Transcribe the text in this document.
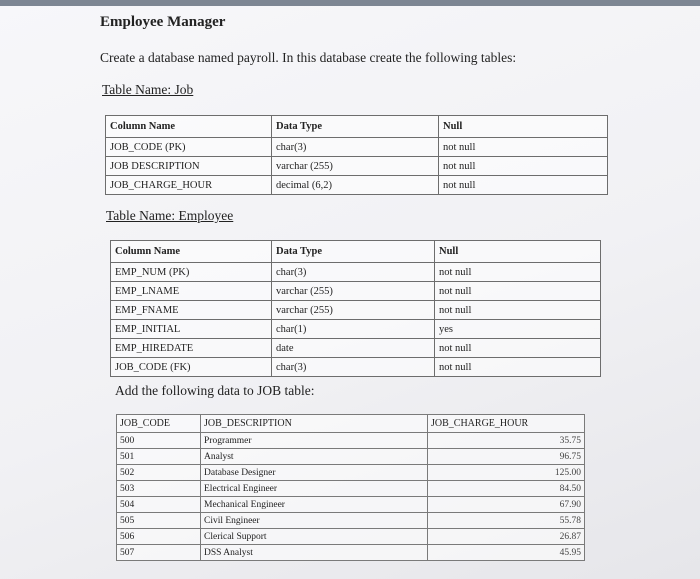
Employee Manager
Create a database named payroll. In this database create the following tables:
Table Name: Job
Column Name	Data Type	Null
JOB_CODE (PK)	char(3)	not null
JOB DESCRIPTION	varchar (255)	not null
JOB_CHARGE_HOUR	decimal (6,2)	not null
Table Name: Employee
Column Name	Data Type	Null
EMP_NUM (PK)	char(3)	not null
EMP_LNAME	varchar (255)	not null
EMP_FNAME	varchar (255)	not null
EMP_INITIAL	char(1)	yes
EMP_HIREDATE	date	not null
JOB_CODE (FK)	char(3)	not null
Add the following data to JOB table:
JOB_CODE	JOB_DESCRIPTION	JOB_CHARGE_HOUR
500	Programmer	35.75
501	Analyst	96.75
502	Database Designer	125.00
503	Electrical Engineer	84.50
504	Mechanical Engineer	67.90
505	Civil Engineer	55.78
506	Clerical Support	26.87
507	DSS Analyst	45.95
